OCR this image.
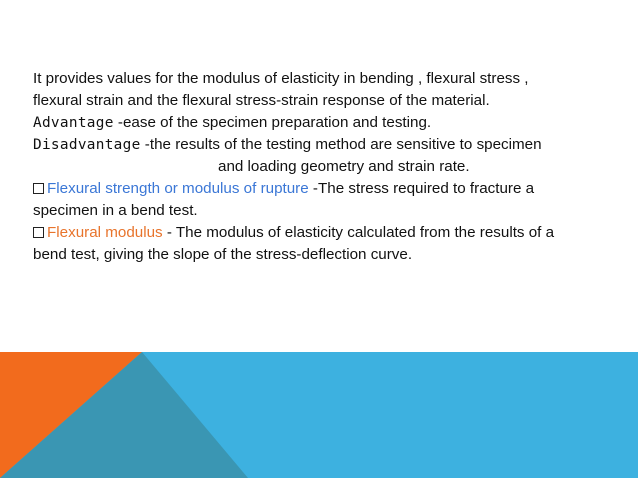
It provides values for the modulus of elasticity in bending , flexural stress ,
flexural strain and the flexural stress-strain response of the material.

Advantage -ease of the specimen preparation and testing.

Disadvantage -the results of the testing method are sensitive to specimen

and loading geometry and strain rate.

Flexural strength or modulus of rupture -The stress required to fracture a
specimen in a bend test.

Flexural modulus - The modulus of elasticity calculated from the results of a
bend test, giving the slope of the stress-deflection curve.
